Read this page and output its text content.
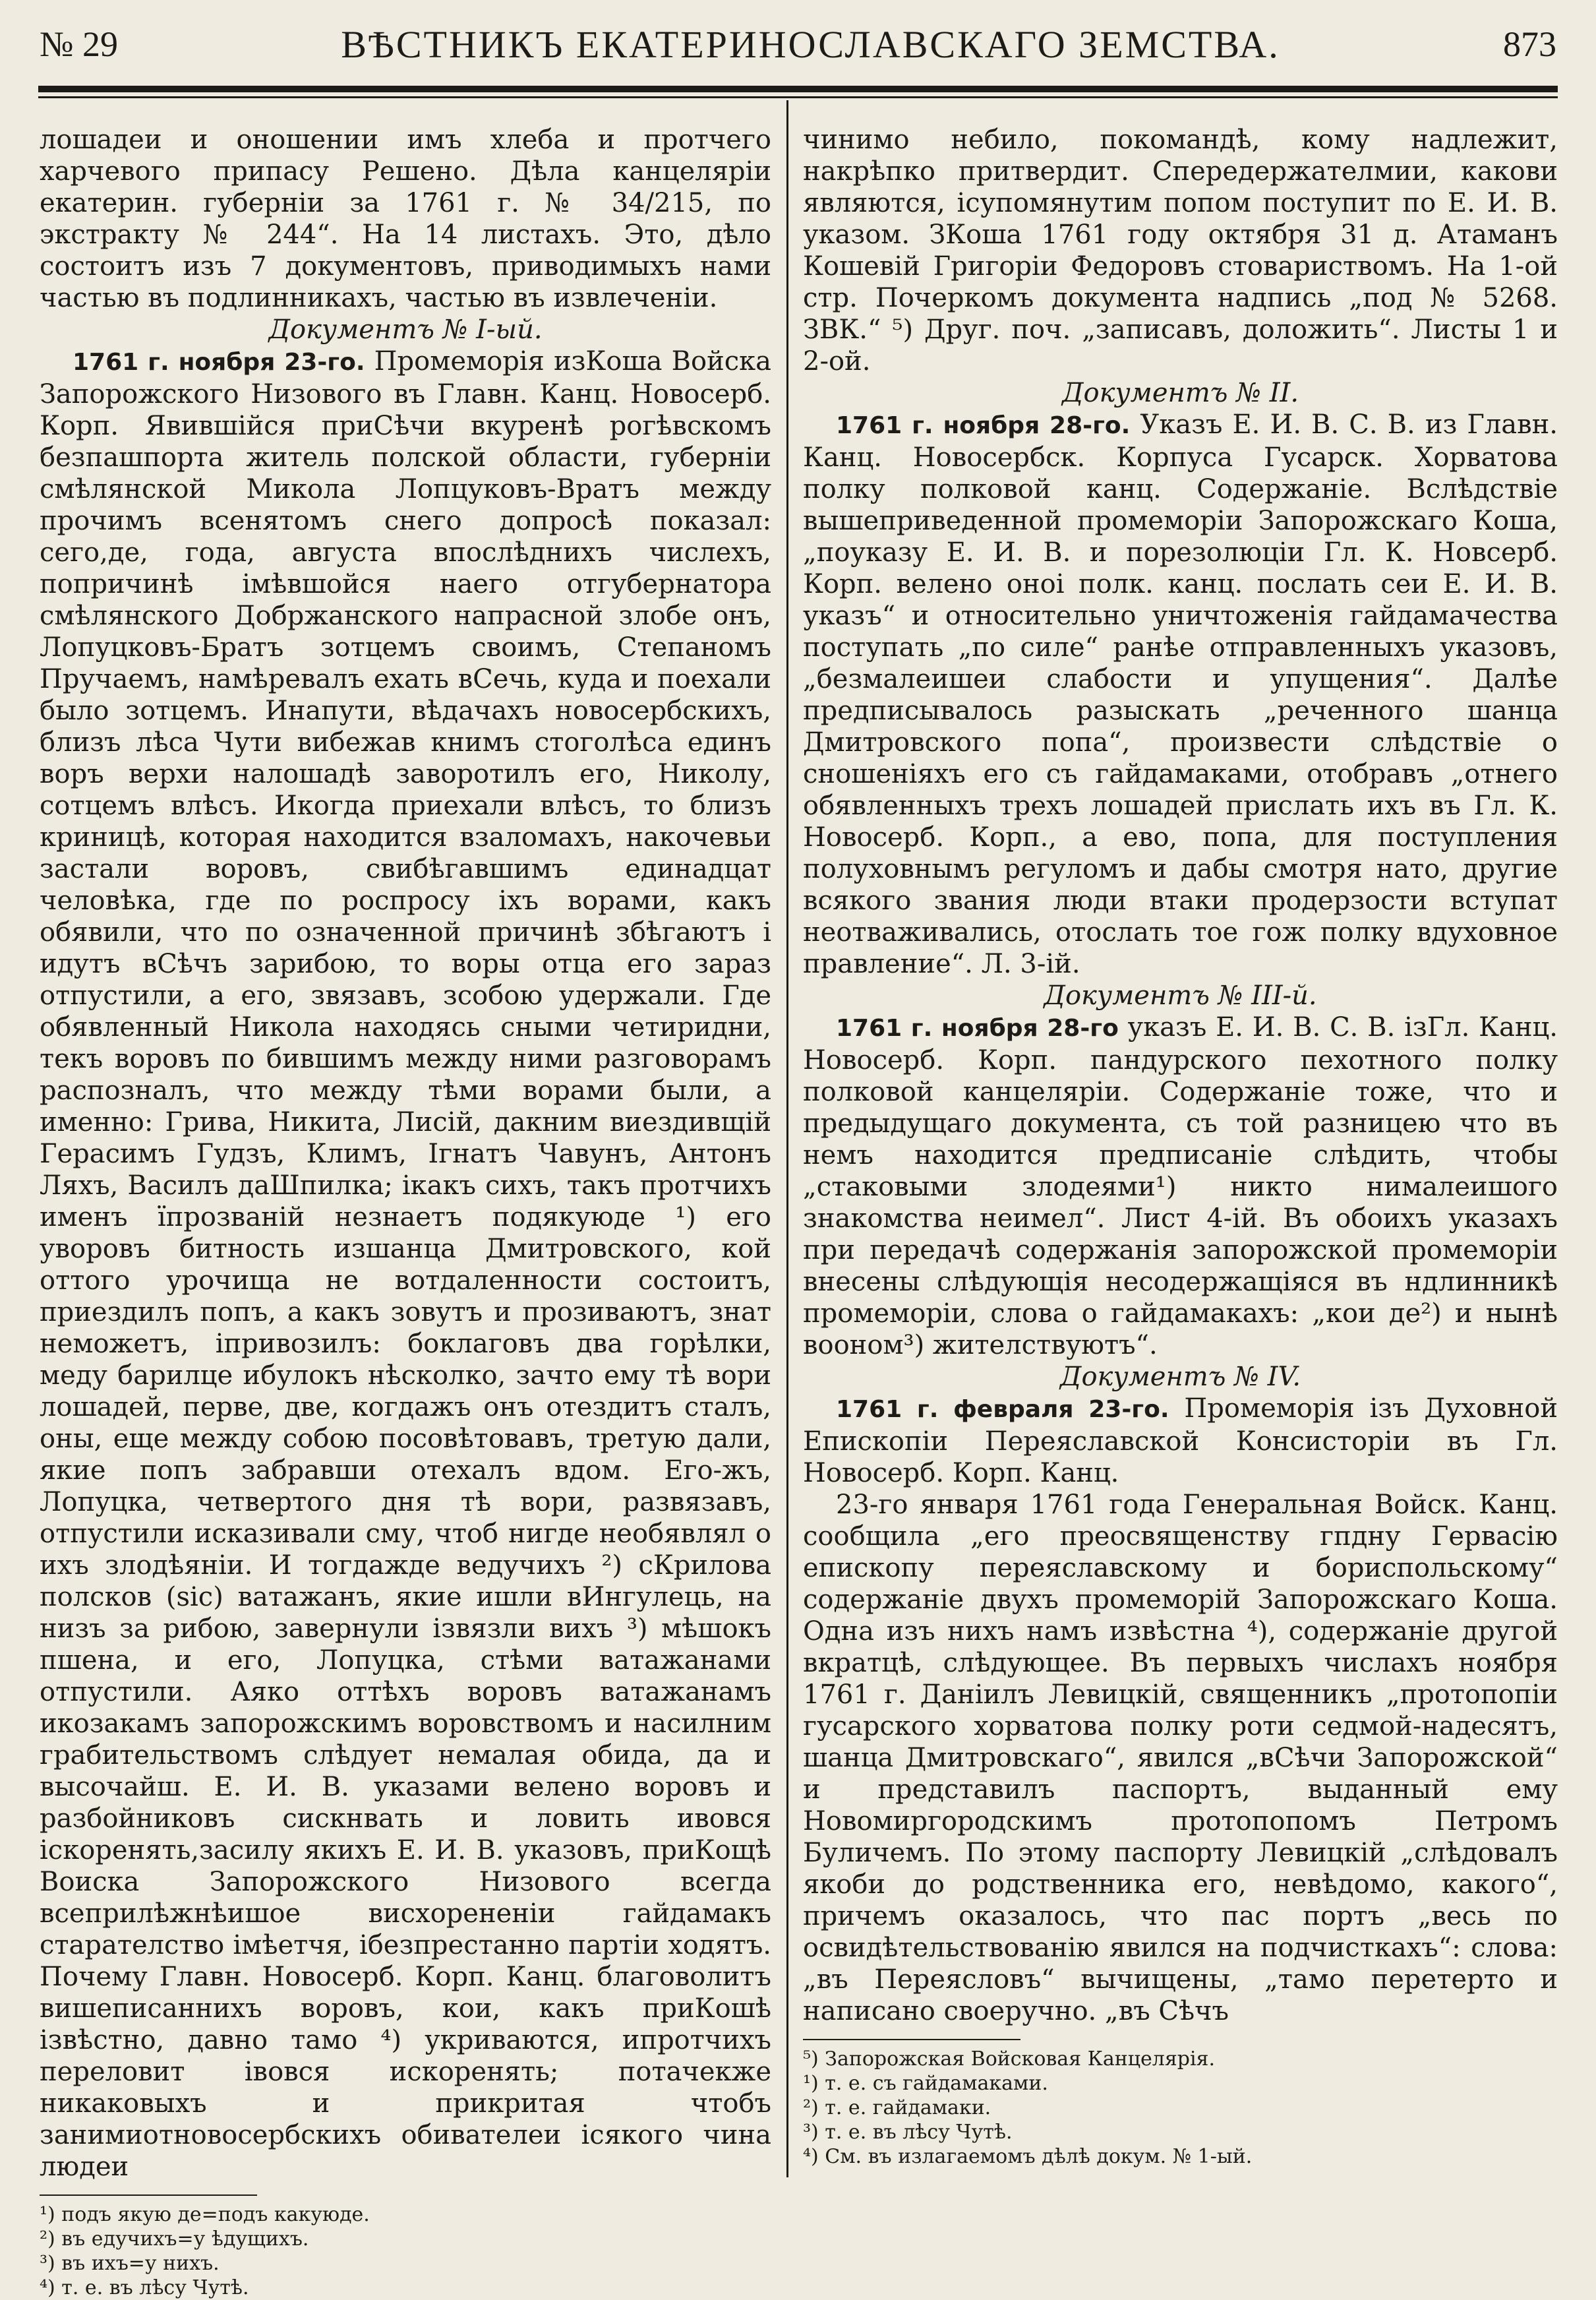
№ 29	ВѢСТНИКЪ ЕКАТЕРИНОСЛАВСКАГО ЗЕМСТВА.	873

лошадеи и оношении имъ хлеба и протчего харчевого припасу Решено. Дѣла канцеляріи екатерин. губерніи за 1761 г. № 34/215, по экстракту № 244“. На 14 листахъ. Это, дѣло состоитъ изъ 7 документовъ, приводимыхъ нами частью въ подлинникахъ, частью въ извлеченіи.

Документъ № I-ый.

1761 г. ноября 23-го. Промеморія изКоша Войска Запорожского Низового въ Главн. Канц. Новосерб. Корп. Явившійся приСѣчи вкуренѣ рогѣвскомъ безпашпорта житель полской области, губерніи смѣлянской Микола Лопцуковъ-Вратъ между прочимъ всенятомъ снего допросѣ показал: сего,де, года, августа впослѣднихъ числехъ, попричинѣ імѣвшойся наего отгубернатора смѣлянского Добржанского напрасной злобе онъ, Лопуцковъ-Братъ зотцемъ своимъ, Степаномъ Пручаемъ, намѣревалъ ехать вСечь, куда и поехали было зотцемъ. Инапути, вѣдачахъ новосербскихъ, близъ лѣса Чути вибежав книмъ стоголѣса единъ воръ верхи налошадѣ заворотилъ его, Николу, сотцемъ влѣсъ. Икогда приехали влѣсъ, то близъ криницѣ, которая находится взаломахъ, накочевьи застали воровъ, свибѣгавшимъ единадцат человѣка, где по роспросу іхъ ворами, какъ обявили, что по означенной причинѣ збѣгаютъ і идутъ вСѣчъ зарибою, то воры отца его зараз отпустили, а его, звязавъ, зсобою удержали. Где обявленный Никола находясь сными четиридни, текъ воровъ по бившимъ между ними разговорамъ распозналъ, что между тѣми ворами были, а именно: Грива, Никита, Лисій, дакним виездивщій Герасимъ Гудзъ, Климъ, Ігнатъ Чавунъ, Антонъ Ляхъ, Василъ даШпилка; ікакъ сихъ, такъ протчихъ именъ ïпрозваній незнаетъ подякуюде ¹) его уворовъ битность изшанца Дмитровского, кой оттого урочища не вотдаленности состоитъ, приездилъ попъ, а какъ зовутъ и прозиваютъ, знат неможетъ, іпривозилъ: боклаговъ два горѣлки, меду барилце ибулокъ нѣсколко, зачто ему тѣ вори лошадей, перве, две, когдажъ онъ отездитъ сталъ, оны, еще между собою посовѣтовавъ, третую дали, якие попъ забравши отехалъ вдом. Его-жъ, Лопуцка, четвертого дня тѣ вори, развязавъ, отпустили исказивали сму, чтоб нигде необявлял о ихъ злодѣяніи. И тогдажде ведучихъ ²) сКрилова полсков (sic) ватажанъ, якие ишли вИнгулець, на низъ за рибою, завернули ізвязли вихъ ³) мѣшокъ пшена, и его, Лопуцка, стѣми ватажанами отпустили. Аяко оттѣхъ воровъ ватажанамъ икозакамъ запорожскимъ воровствомъ и насилним грабительствомъ слѣдует немалая обида, да и высочайш. Е. И. В. указами велено воровъ и разбойниковъ сискнвать и ловить ивовся іскоренять,засилу якихъ Е. И. В. указовъ, приКощѣ Воиска Запорожского Низового всегда всеприлѣжнѣишое висхорененіи гайдамакъ старателство імѣетчя, ібезпрестанно партіи ходятъ. Почему Главн. Новосерб. Корп. Канц. благоволитъ вишеписаннихъ воровъ, кои, какъ приКошѣ ізвѣстно, давно тамо ⁴) укриваются, ипротчихъ переловит івовся искоренять; потачекже никаковыхъ и прикритая чтобъ занимиотновосербскихъ обивателеи ісякого чина людеи

¹) подъ якую де=подъ какуюде.
²) въ едучихъ=у ѣдущихъ.
³) въ ихъ=у нихъ.
⁴) т. е. въ лѣсу Чутѣ.

чинимо небило, покомандѣ, кому надлежит, накрѣпко притвердит. Спередержателмии, какови являются, ісупомянутим попом поступит по Е. И. В. указом. ЗКоша 1761 году октября 31 д. Атаманъ Кошевій Григоріи Федоровъ стовариствомъ. На 1-ой стр. Почеркомъ документа надпись „под № 5268. ЗВК.“ ⁵) Друг. поч. „записавъ, доложить“. Листы 1 и 2-ой.

Документъ № II.

1761 г. ноября 28-го. Указъ Е. И. В. С. В. из Главн. Канц. Новосербск. Корпуса Гусарск. Хорватова полку полковой канц. Содержаніе. Вслѣдствіе вышеприведенной промеморіи Запорожскаго Коша, „поуказу Е. И. В. и порезолюціи Гл. К. Новсерб. Корп. велено оноі полк. канц. послать сеи Е. И. В. указъ“ и относительно уничтоженія гайдамачества поступать „по силе“ ранѣе отправленныхъ указовъ, „безмалеишеи слабости и упущения“. Далѣе предписывалось разыскать „реченного шанца Дмитровского попа“, произвести слѣдствіе о сношеніяхъ его съ гайдамаками, отобравъ „отнего обявленныхъ трехъ лошадей прислать ихъ въ Гл. К. Новосерб. Корп., а ево, попа, для поступления полуховнымъ регуломъ и дабы смотря нато, другие всякого звания люди втаки продерзости вступат неотваживались, отослать тое гож полку вдуховное правление“. Л. 3-ій.

Документъ № III-й.

1761 г. ноября 28-го указъ Е. И. В. С. В. ізГл. Канц. Новосерб. Корп. пандурского пехотного полку полковой канцеляріи. Содержаніе тоже, что и предыдущаго документа, съ той разницею что въ немъ находится предписаніе слѣдить, чтобы „стаковыми злодеями¹) никто нималеишого знакомства неимел“. Лист 4-ій. Въ обоихъ указахъ при передачѣ содержанія запорожской промеморіи внесены слѣдующія несодержащіяся въ ндлинникѣ промеморіи, слова о гайдамакахъ: „кои де²) и нынѣ вооном³) жителствуютъ“.

Документъ № IV.

1761 г. февраля 23-го. Промеморія ізъ Духовной Епископіи Переяславской Консисторіи въ Гл. Новосерб. Корп. Канц.

23-го января 1761 года Генеральная Войск. Канц. сообщила „его преосвященству гпдну Гервасію епископу переяславскому и бориспольскому“ содержаніе двухъ промеморій Запорожскаго Коша. Одна изъ нихъ намъ извѣстна ⁴), содержаніе другой вкратцѣ, слѣдующее. Въ первыхъ числахъ ноября 1761 г. Даніилъ Левицкій, священникъ „протопопіи гусарского хорватова полку роти седмой-надесятъ, шанца Дмитровскаго“, явился „вСѣчи Запорожской“ и представилъ паспортъ, выданный ему Новомиргородскимъ протопопомъ Петромъ Буличемъ. По этому паспорту Левицкій „слѣдовалъ якоби до родственника его, невѣдомо, какого“, причемъ оказалось, что пас портъ „весь по освидѣтельствованію явился на подчисткахъ“: слова: „въ Переясловъ“ вычищены, „тамо перетерто и написано своеручно. „въ Сѣчъ

⁵) Запорожская Войсковая Канцелярія.
¹) т. е. съ гайдамаками.
²) т. е. гайдамаки.
³) т. е. въ лѣсу Чутѣ.
⁴) См. въ излагаемомъ дѣлѣ докум. № 1-ый.
